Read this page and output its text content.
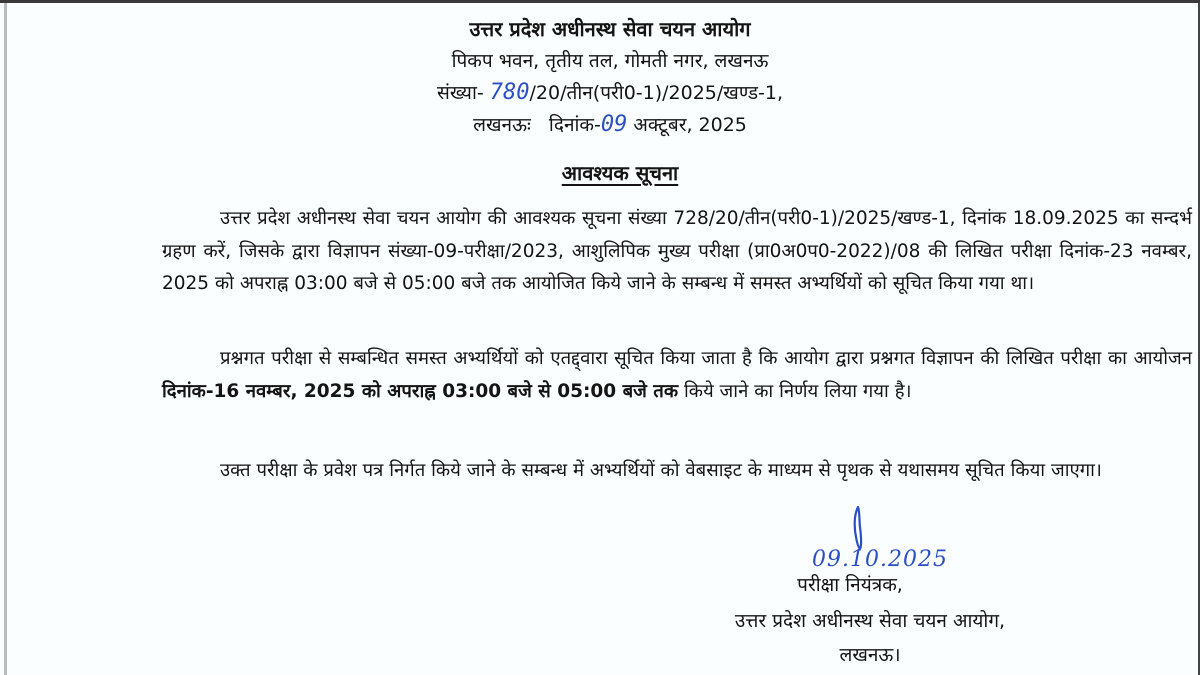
उत्तर प्रदेश अधीनस्थ सेवा चयन आयोग
पिकप भवन, तृतीय तल, गोमती नगर, लखनऊ
संख्या- 780/20/तीन(परी0-1)/2025/खण्ड-1,
लखनऊः   दिनांक-09 अक्टूबर, 2025
आवश्यक सूचना

उत्तर प्रदेश अधीनस्थ सेवा चयन आयोग की आवश्यक सूचना संख्या 728/20/तीन(परी0-1)/2025/खण्ड-1, दिनांक 18.09.2025 का सन्दर्भ ग्रहण करें, जिसके द्वारा विज्ञापन संख्या-09-परीक्षा/2023, आशुलिपिक मुख्य परीक्षा (प्रा0अ0प0-2022)/08 की लिखित परीक्षा दिनांक-23 नवम्बर, 2025 को अपराह्न 03:00 बजे से 05:00 बजे तक आयोजित किये जाने के सम्बन्ध में समस्त अभ्यर्थियों को सूचित किया गया था।

प्रश्नगत परीक्षा से सम्बन्धित समस्त अभ्यर्थियों को एतद्द्वारा सूचित किया जाता है कि आयोग द्वारा प्रश्नगत विज्ञापन की लिखित परीक्षा का आयोजन दिनांक-16 नवम्बर, 2025 को अपराह्न 03:00 बजे से 05:00 बजे तक किये जाने का निर्णय लिया गया है।

उक्त परीक्षा के प्रवेश पत्र निर्गत किये जाने के सम्बन्ध में अभ्यर्थियों को वेबसाइट के माध्यम से पृथक से यथासमय सूचित किया जाएगा।

09.10.2025
परीक्षा नियंत्रक,
उत्तर प्रदेश अधीनस्थ सेवा चयन आयोग,
लखनऊ।
